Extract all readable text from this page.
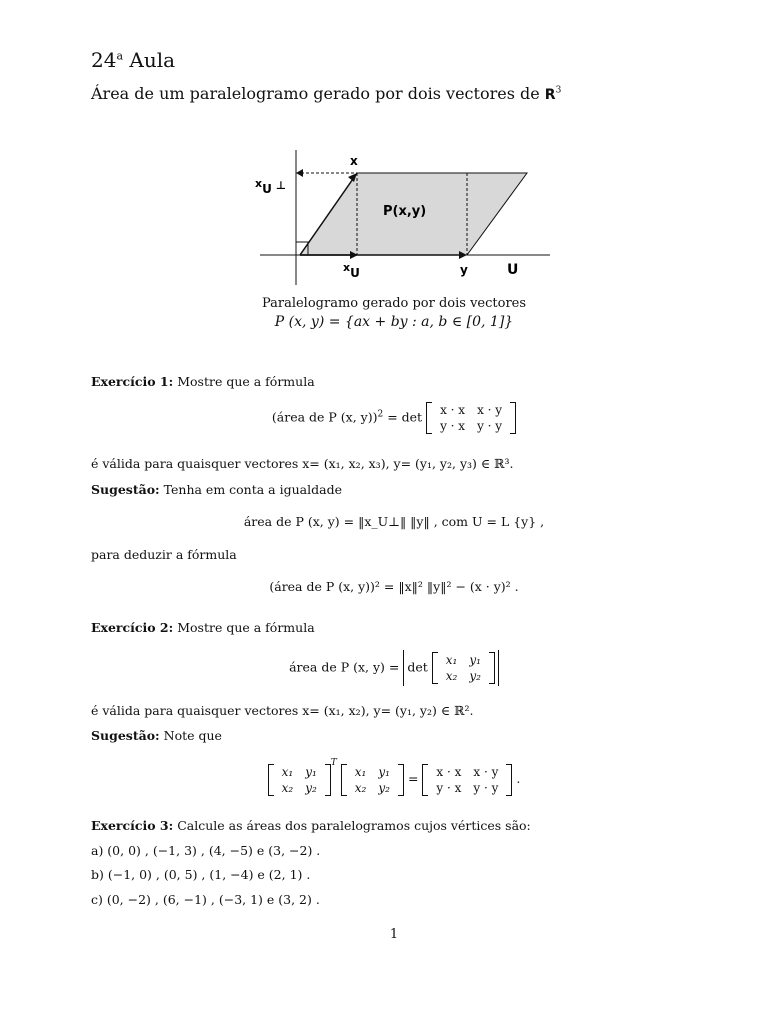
24$^a$ Aula
Área de um paralelogramo gerado por dois vectores de $R^3$
x
P(x,y)
y	U
xU
xU ⊥
Paralelogramo gerado por dois vectores
P (x, y) = {ax + by : a, b ∈ [0, 1]}
Exercício 1: Mostre que a fórmula
(área de P (x, y))$^2$ = det x · x	x · y
y · x	y · y
é válida para quaisquer vectores x= (x₁, x₂, x₃), y= (y₁, y₂, y₃) ∈ ℝ³.
Sugestão: Tenha em conta a igualdade
área de P (x, y) = ‖x_U⊥‖ ‖y‖ , com U = L {y} ,
para deduzir a fórmula
(área de P (x, y))² = ‖x‖² ‖y‖² − (x · y)² .
Exercício 2: Mostre que a fórmula
área de P (x, y) = det x₁	y₁
x₂	y₂
é válida para quaisquer vectores x= (x₁, x₂), y= (y₁, y₂) ∈ ℝ².
Sugestão: Note que
x₁	y₁
x₂	y₂
$^T$
x₁	y₁
x₂	y₂
= x · x	x · y
y · x	y · y
.
Exercício 3: Calcule as áreas dos paralelogramos cujos vértices são:
a) (0, 0) , (−1, 3) , (4, −5) e (3, −2) .
b) (−1, 0) , (0, 5) , (1, −4) e (2, 1) .
c) (0, −2) , (6, −1) , (−3, 1) e (3, 2) .
1
